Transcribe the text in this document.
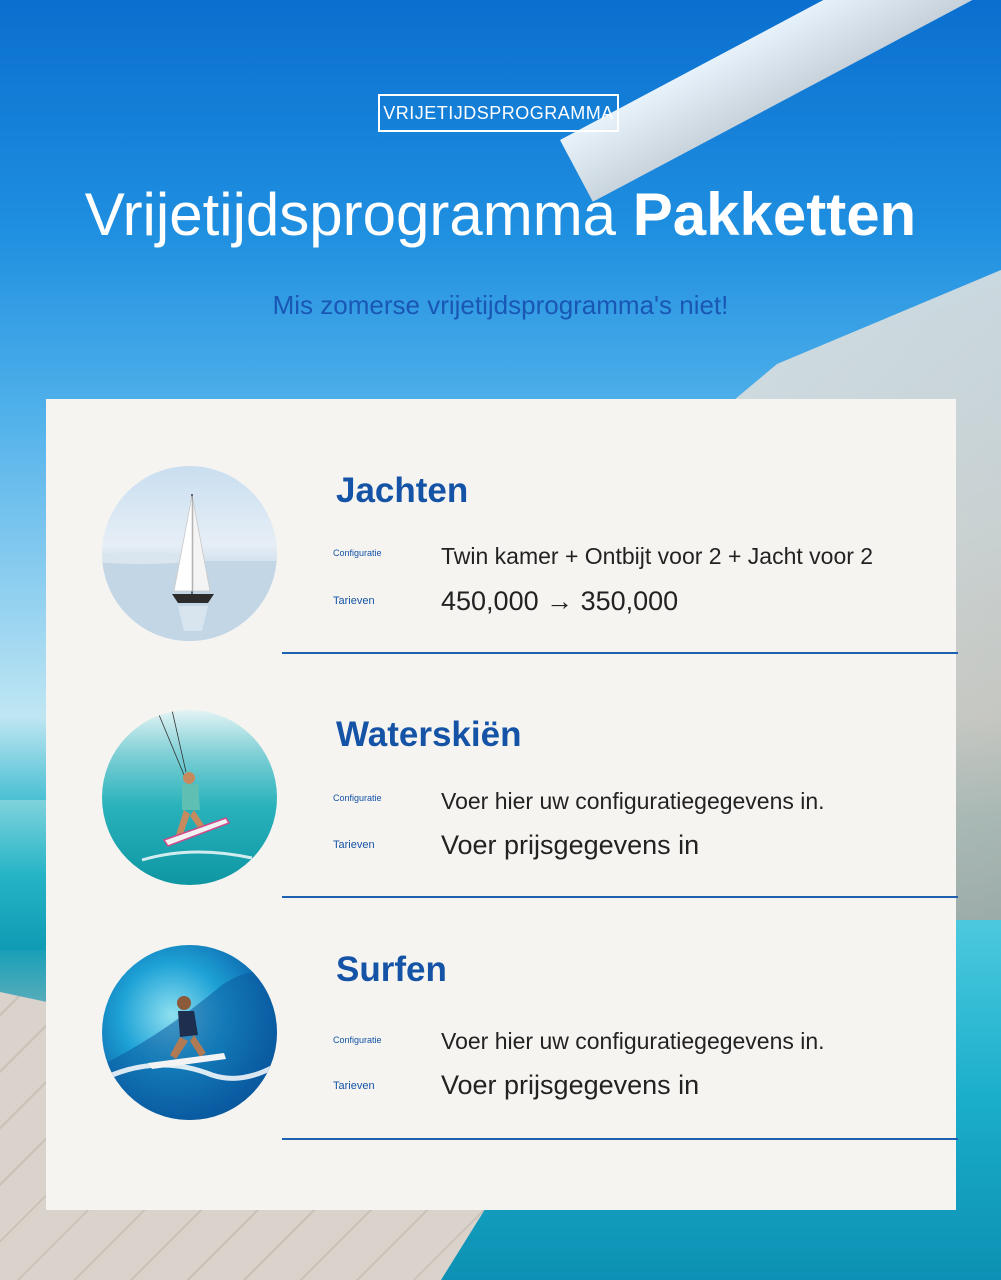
VRIJETIJDSPROGRAMMA
Vrijetijdsprogramma Pakketten
Mis zomerse vrijetijdsprogramma's niet!
Jachten
Configuratie	Twin kamer + Ontbijt voor 2 + Jacht voor 2
Tarieven 450,000 → 350,000
Waterskiën
Configuratie	Voer hier uw configuratiegegevens in.
Tarieven Voer prijsgegevens in
Surfen
Configuratie	Voer hier uw configuratiegegevens in.
Tarieven Voer prijsgegevens in
